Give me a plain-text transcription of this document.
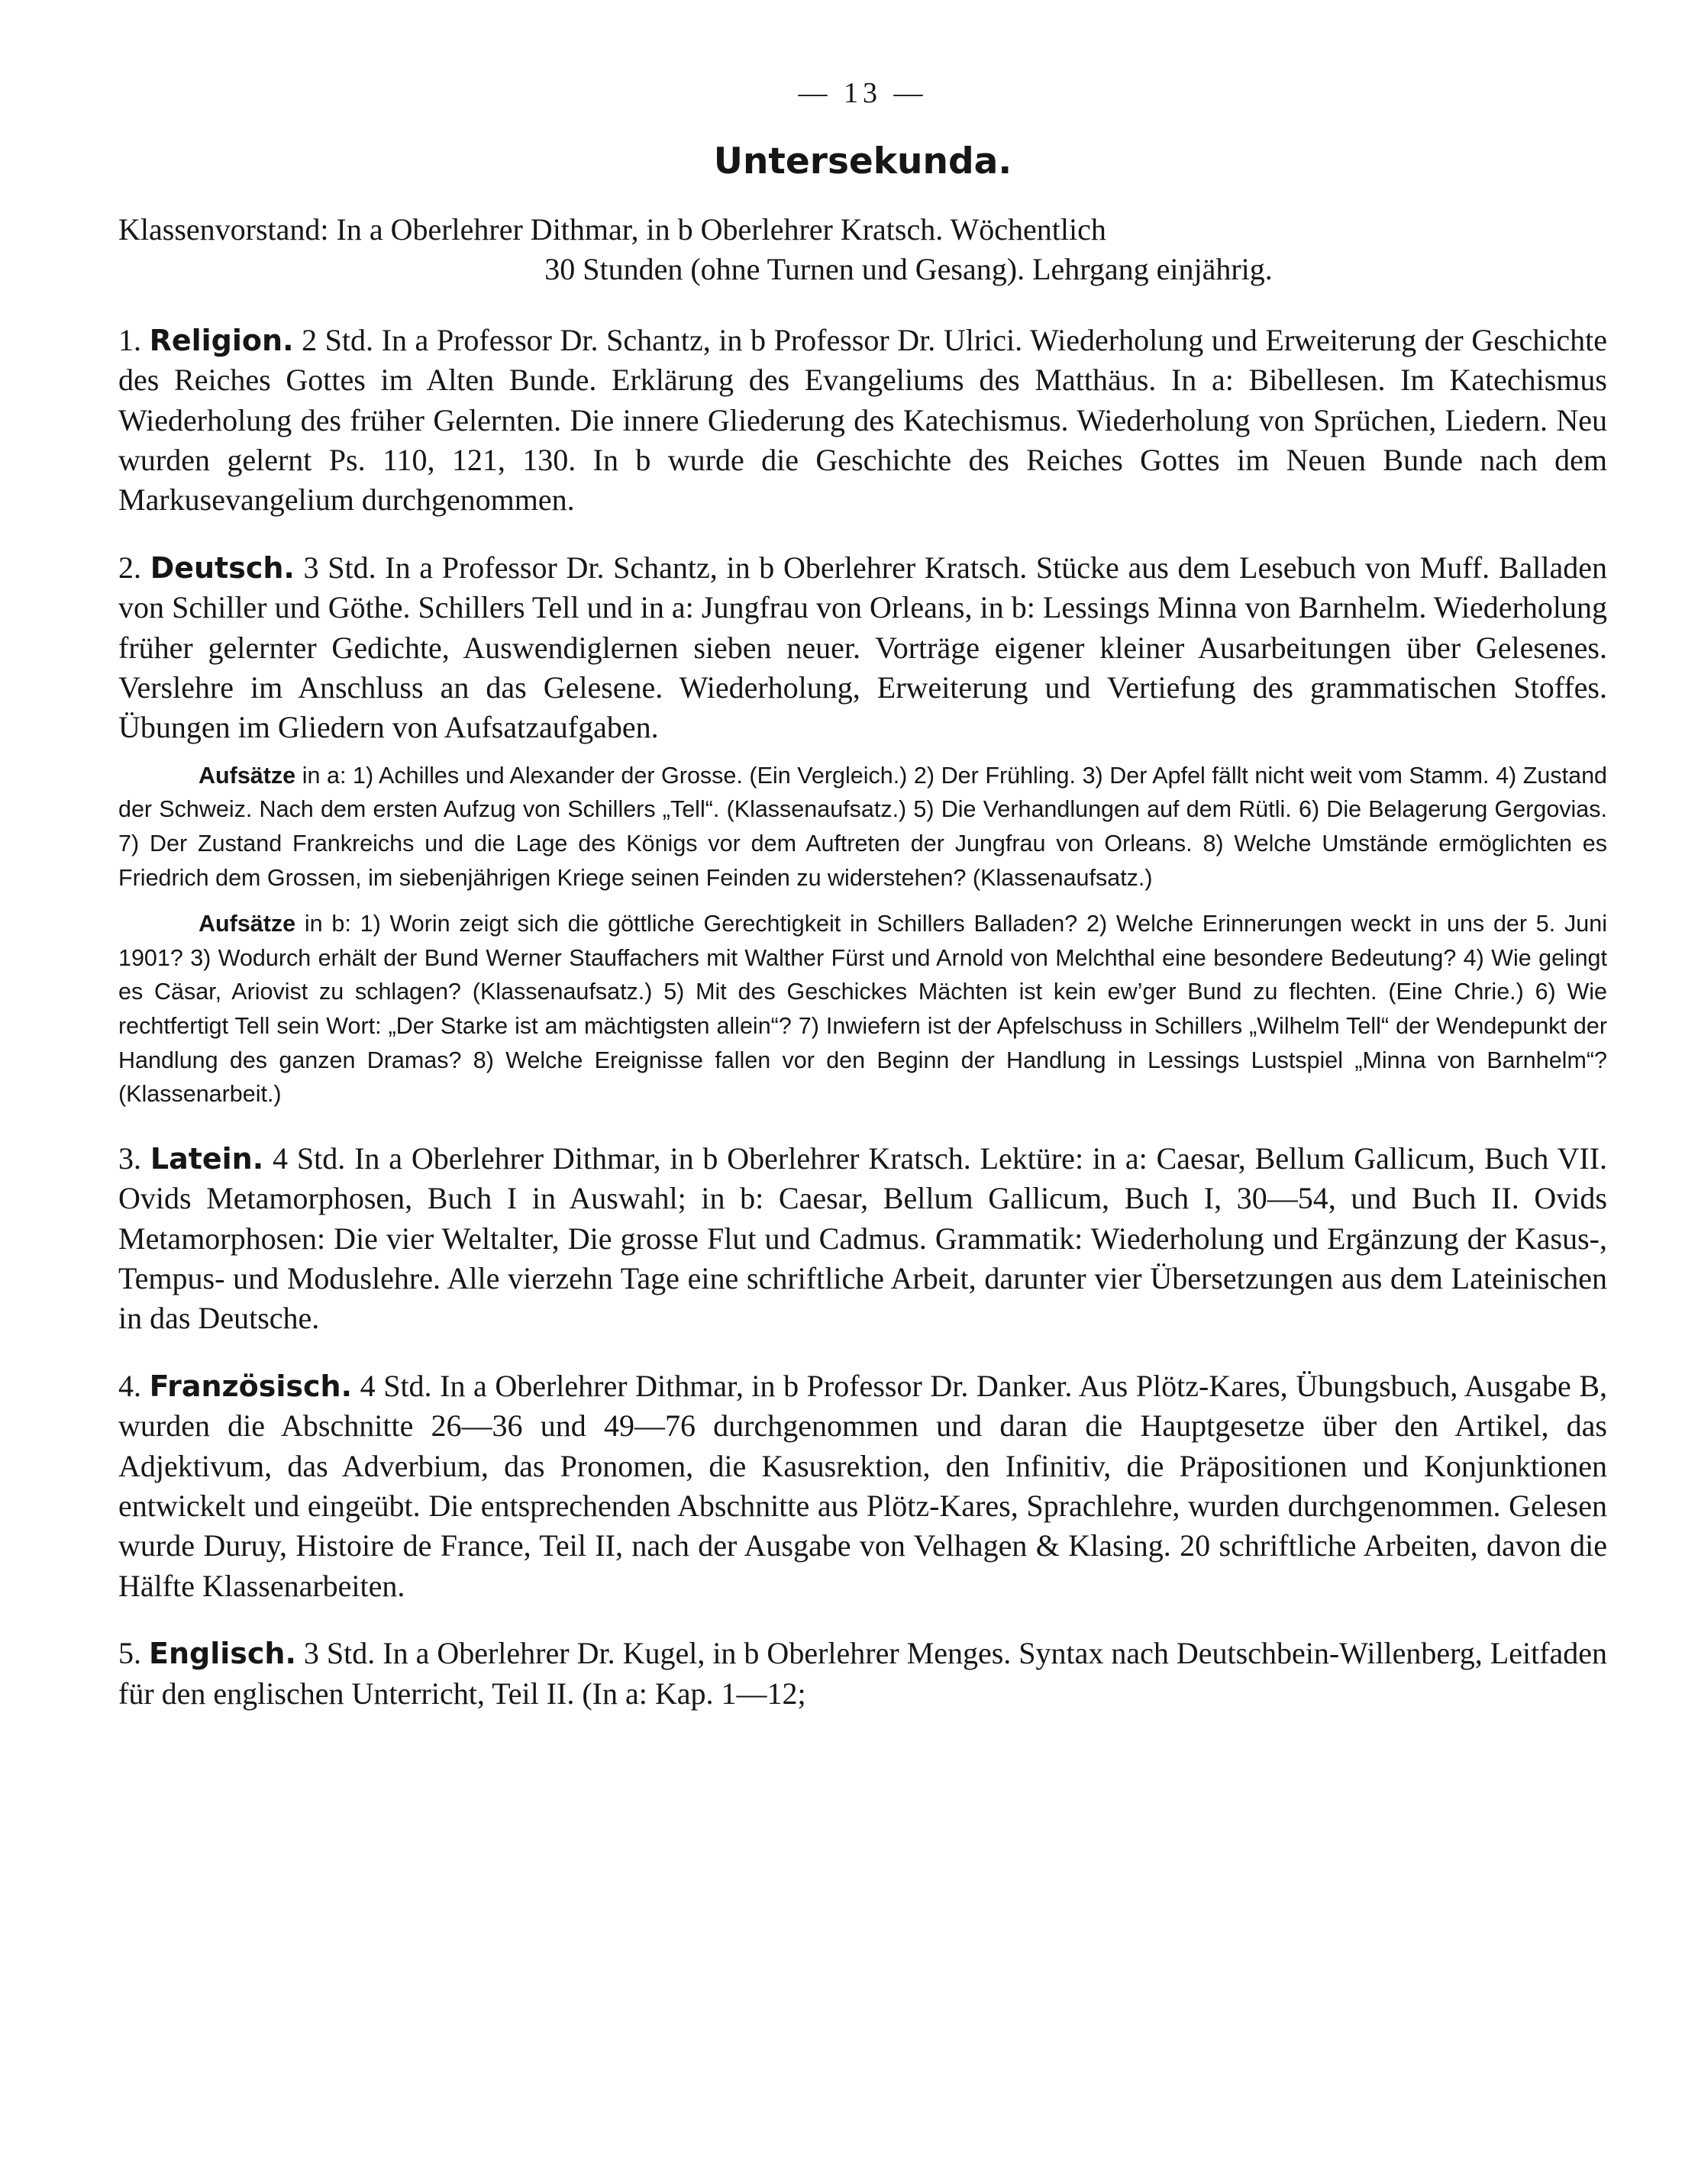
— 13 —
Untersekunda.

Klassenvorstand: In a Oberlehrer Dithmar, in b Oberlehrer Kratsch. Wöchentlich

30 Stunden (ohne Turnen und Gesang). Lehrgang einjährig.

1. Religion. 2 Std. In a Professor Dr. Schantz, in b Professor Dr. Ulrici. Wiederholung und Erweiterung der Geschichte des Reiches Gottes im Alten Bunde. Erklärung des Evangeliums des Matthäus. In a: Bibellesen. Im Katechismus Wiederholung des früher Gelernten. Die innere Gliederung des Katechismus. Wiederholung von Sprüchen, Liedern. Neu wurden gelernt Ps. 110, 121, 130. In b wurde die Geschichte des Reiches Gottes im Neuen Bunde nach dem Markusevangelium durchgenommen.

2. Deutsch. 3 Std. In a Professor Dr. Schantz, in b Oberlehrer Kratsch. Stücke aus dem Lesebuch von Muff. Balladen von Schiller und Göthe. Schillers Tell und in a: Jungfrau von Orleans, in b: Lessings Minna von Barnhelm. Wiederholung früher gelernter Gedichte, Auswendiglernen sieben neuer. Vorträge eigener kleiner Ausarbeitungen über Gelesenes. Verslehre im Anschluss an das Gelesene. Wiederholung, Erweiterung und Vertiefung des grammatischen Stoffes. Übungen im Gliedern von Aufsatzaufgaben.

Aufsätze in a: 1) Achilles und Alexander der Grosse. (Ein Vergleich.) 2) Der Frühling. 3) Der Apfel fällt nicht weit vom Stamm. 4) Zustand der Schweiz. Nach dem ersten Aufzug von Schillers „Tell“. (Klassenaufsatz.) 5) Die Verhandlungen auf dem Rütli. 6) Die Belagerung Gergovias. 7) Der Zustand Frankreichs und die Lage des Königs vor dem Auftreten der Jungfrau von Orleans. 8) Welche Umstände ermöglichten es Friedrich dem Grossen, im siebenjährigen Kriege seinen Feinden zu widerstehen? (Klassenaufsatz.)

Aufsätze in b: 1) Worin zeigt sich die göttliche Gerechtigkeit in Schillers Balladen? 2) Welche Erinnerungen weckt in uns der 5. Juni 1901? 3) Wodurch erhält der Bund Werner Stauffachers mit Walther Fürst und Arnold von Melchthal eine besondere Bedeutung? 4) Wie gelingt es Cäsar, Ariovist zu schlagen? (Klassenaufsatz.) 5) Mit des Geschickes Mächten ist kein ew’ger Bund zu flechten. (Eine Chrie.) 6) Wie rechtfertigt Tell sein Wort: „Der Starke ist am mächtigsten allein“? 7) Inwiefern ist der Apfelschuss in Schillers „Wilhelm Tell“ der Wendepunkt der Handlung des ganzen Dramas? 8) Welche Ereignisse fallen vor den Beginn der Handlung in Lessings Lustspiel „Minna von Barnhelm“? (Klassenarbeit.)

3. Latein. 4 Std. In a Oberlehrer Dithmar, in b Oberlehrer Kratsch. Lektüre: in a: Caesar, Bellum Gallicum, Buch VII. Ovids Metamorphosen, Buch I in Auswahl; in b: Caesar, Bellum Gallicum, Buch I, 30—54, und Buch II. Ovids Metamorphosen: Die vier Weltalter, Die grosse Flut und Cadmus. Grammatik: Wiederholung und Ergänzung der Kasus-, Tempus- und Moduslehre. Alle vierzehn Tage eine schriftliche Arbeit, darunter vier Übersetzungen aus dem Lateinischen in das Deutsche.

4. Französisch. 4 Std. In a Oberlehrer Dithmar, in b Professor Dr. Danker. Aus Plötz-Kares, Übungsbuch, Ausgabe B, wurden die Abschnitte 26—36 und 49—76 durchgenommen und daran die Hauptgesetze über den Artikel, das Adjektivum, das Adverbium, das Pronomen, die Kasusrektion, den Infinitiv, die Präpositionen und Konjunktionen entwickelt und eingeübt. Die entsprechenden Abschnitte aus Plötz-Kares, Sprachlehre, wurden durchgenommen. Gelesen wurde Duruy, Histoire de France, Teil II, nach der Ausgabe von Velhagen & Klasing. 20 schriftliche Arbeiten, davon die Hälfte Klassenarbeiten.

5. Englisch. 3 Std. In a Oberlehrer Dr. Kugel, in b Oberlehrer Menges. Syntax nach Deutschbein-Willenberg, Leitfaden für den englischen Unterricht, Teil II. (In a: Kap. 1—12;
